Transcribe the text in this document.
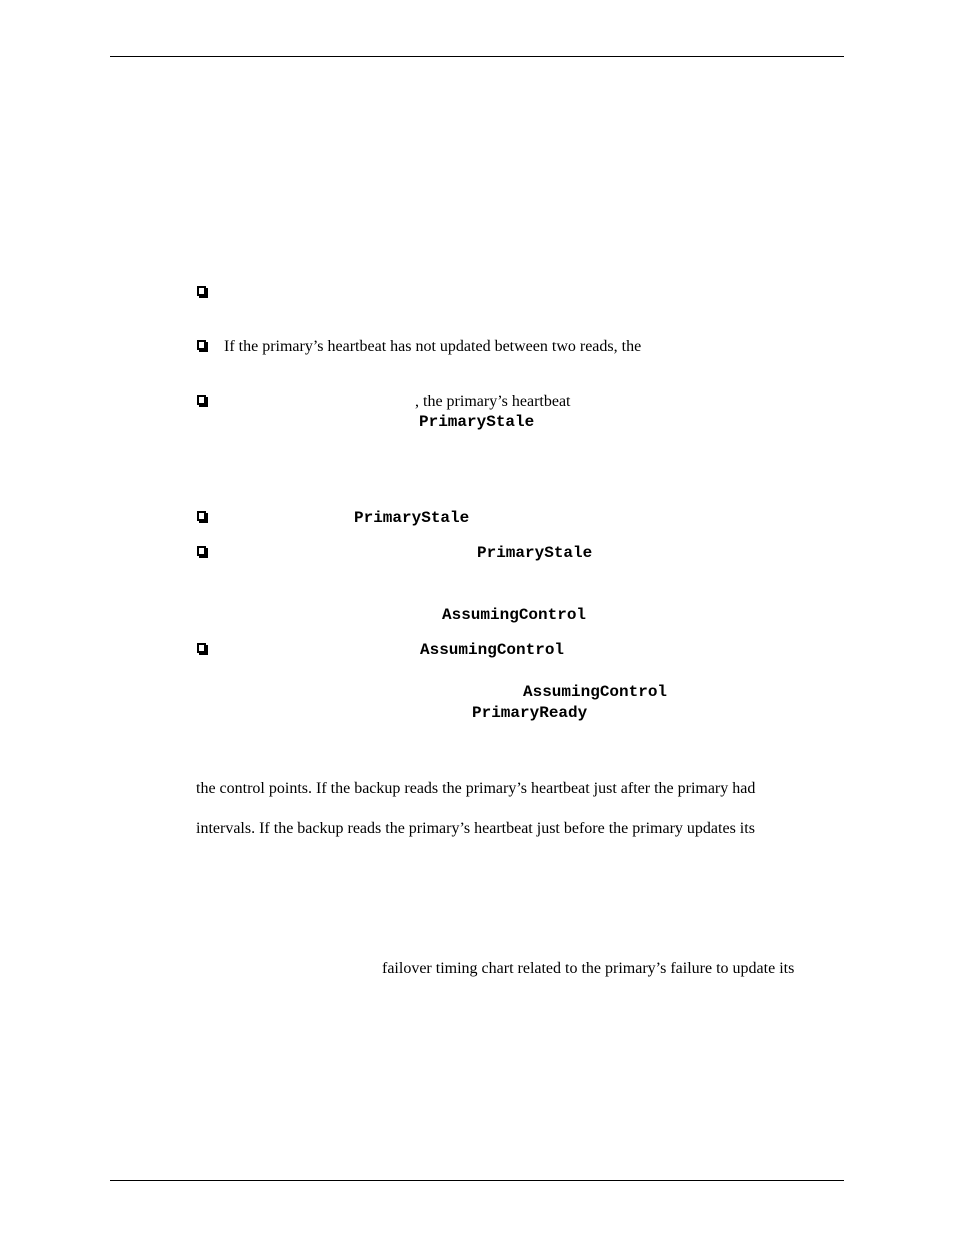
If the primary’s heartbeat has not updated between two reads, the
, the primary’s heartbeat
PrimaryStale
PrimaryStale
PrimaryStale
AssumingControl
AssumingControl
AssumingControl
PrimaryReady
the control points. If the backup reads the primary’s heartbeat just after the primary had
intervals. If the backup reads the primary’s heartbeat just before the primary updates its
failover timing chart related to the primary’s failure to update its
